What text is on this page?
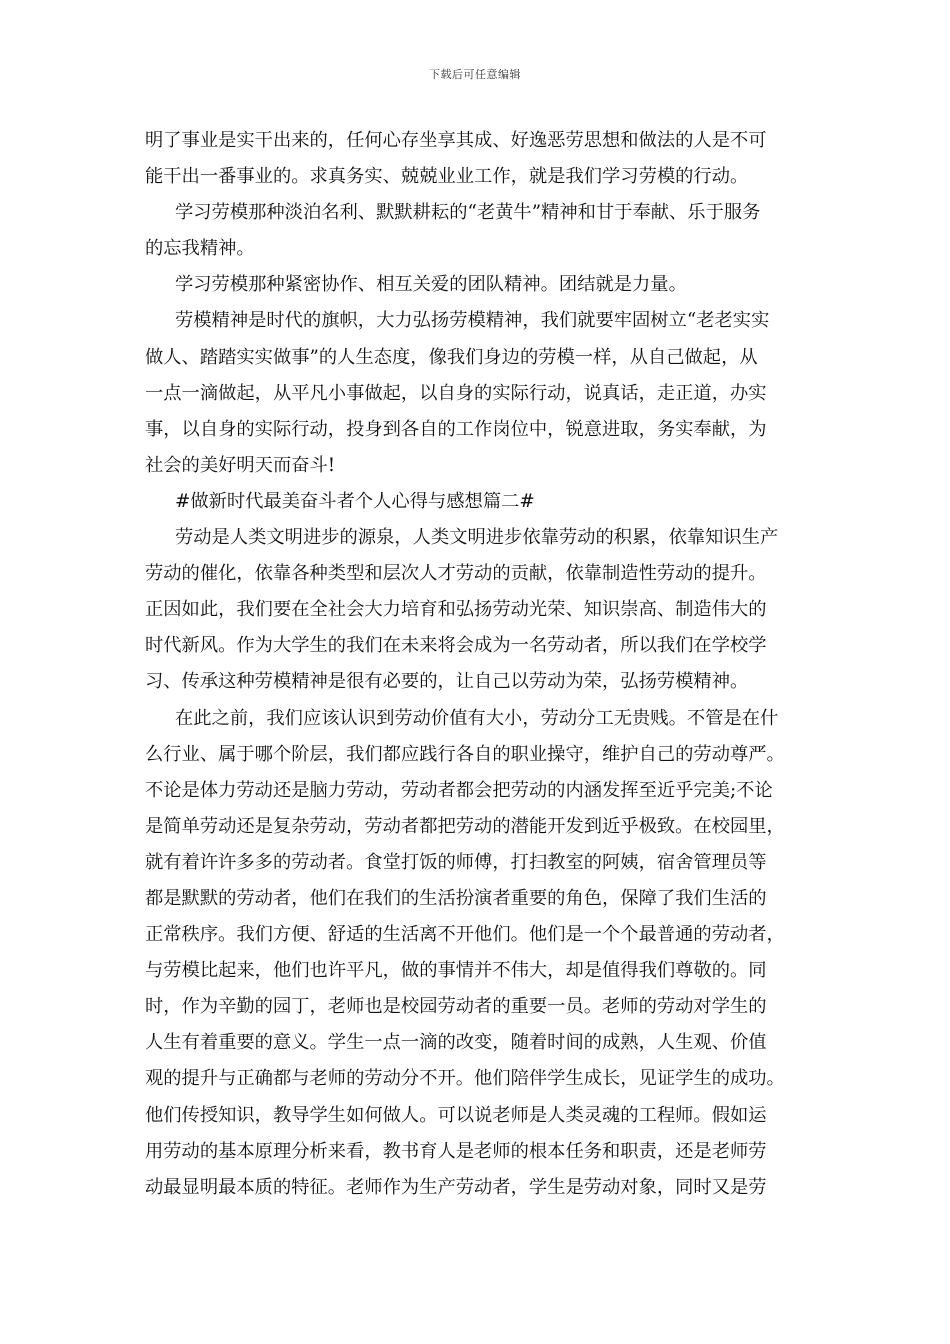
下载后可任意编辑
明了事业是实干出来的，任何心存坐享其成、好逸恶劳思想和做法的人是不可
能干出一番事业的。求真务实、兢兢业业工作，就是我们学习劳模的行动。
学习劳模那种淡泊名利、默默耕耘的“老黄牛”精神和甘于奉献、乐于服务
的忘我精神。
学习劳模那种紧密协作、相互关爱的团队精神。团结就是力量。
劳模精神是时代的旗帜，大力弘扬劳模精神，我们就要牢固树立“老老实实
做人、踏踏实实做事”的人生态度，像我们身边的劳模一样，从自己做起，从
一点一滴做起，从平凡小事做起，以自身的实际行动，说真话，走正道，办实
事，以自身的实际行动，投身到各自的工作岗位中，锐意进取，务实奉献，为
社会的美好明天而奋斗!
#做新时代最美奋斗者个人心得与感想篇二#
劳动是人类文明进步的源泉，人类文明进步依靠劳动的积累，依靠知识生产
劳动的催化，依靠各种类型和层次人才劳动的贡献，依靠制造性劳动的提升。
正因如此，我们要在全社会大力培育和弘扬劳动光荣、知识崇高、制造伟大的
时代新风。作为大学生的我们在未来将会成为一名劳动者，所以我们在学校学
习、传承这种劳模精神是很有必要的，让自己以劳动为荣，弘扬劳模精神。
在此之前，我们应该认识到劳动价值有大小，劳动分工无贵贱。不管是在什
么行业、属于哪个阶层，我们都应践行各自的职业操守，维护自己的劳动尊严。
不论是体力劳动还是脑力劳动，劳动者都会把劳动的内涵发挥至近乎完美;不论
是简单劳动还是复杂劳动，劳动者都把劳动的潜能开发到近乎极致。在校园里，
就有着许许多多的劳动者。食堂打饭的师傅，打扫教室的阿姨，宿舍管理员等
都是默默的劳动者，他们在我们的生活扮演者重要的角色，保障了我们生活的
正常秩序。我们方便、舒适的生活离不开他们。他们是一个个最普通的劳动者，
与劳模比起来，他们也许平凡，做的事情并不伟大，却是值得我们尊敬的。同
时，作为辛勤的园丁，老师也是校园劳动者的重要一员。老师的劳动对学生的
人生有着重要的意义。学生一点一滴的改变，随着时间的成熟，人生观、价值
观的提升与正确都与老师的劳动分不开。他们陪伴学生成长，见证学生的成功。
他们传授知识，教导学生如何做人。可以说老师是人类灵魂的工程师。假如运
用劳动的基本原理分析来看，教书育人是老师的根本任务和职责，还是老师劳
动最显明最本质的特征。老师作为生产劳动者，学生是劳动对象，同时又是劳
